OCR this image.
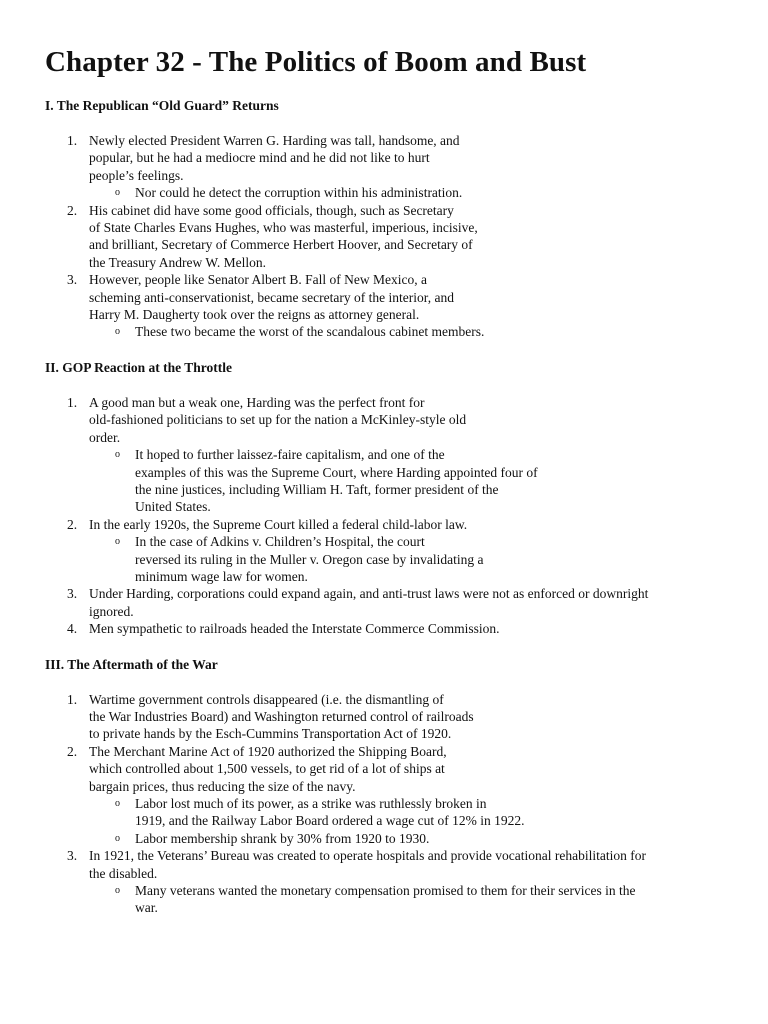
Chapter 32 - The Politics of Boom and Bust
I. The Republican “Old Guard” Returns
1. Newly elected President Warren G. Harding was tall, handsome, and
popular, but he had a mediocre mind and he did not like to hurt
people’s feelings.
o Nor could he detect the corruption within his administration.
2. His cabinet did have some good officials, though, such as Secretary
of State Charles Evans Hughes, who was masterful, imperious, incisive,
and brilliant, Secretary of Commerce Herbert Hoover, and Secretary of
the Treasury Andrew W. Mellon.
3. However, people like Senator Albert B. Fall of New Mexico, a
scheming anti-conservationist, became secretary of the interior, and
Harry M. Daugherty took over the reigns as attorney general.
o These two became the worst of the scandalous cabinet members.
II. GOP Reaction at the Throttle
1. A good man but a weak one, Harding was the perfect front for
old-fashioned politicians to set up for the nation a McKinley-style old
order.
o It hoped to further laissez-faire capitalism, and one of the
examples of this was the Supreme Court, where Harding appointed four of
the nine justices, including William H. Taft, former president of the
United States.
2. In the early 1920s, the Supreme Court killed a federal child-labor law.
o In the case of Adkins v. Children’s Hospital, the court
reversed its ruling in the Muller v. Oregon case by invalidating a
minimum wage law for women.
3. Under Harding, corporations could expand again, and anti-trust laws were not as enforced or downright
ignored.
4. Men sympathetic to railroads headed the Interstate Commerce Commission.
III. The Aftermath of the War
1. Wartime government controls disappeared (i.e. the dismantling of
the War Industries Board) and Washington returned control of railroads
to private hands by the Esch-Cummins Transportation Act of 1920.
2. The Merchant Marine Act of 1920 authorized the Shipping Board,
which controlled about 1,500 vessels, to get rid of a lot of ships at
bargain prices, thus reducing the size of the navy.
o Labor lost much of its power, as a strike was ruthlessly broken in
1919, and the Railway Labor Board ordered a wage cut of 12% in 1922.
o Labor membership shrank by 30% from 1920 to 1930.
3. In 1921, the Veterans’ Bureau was created to operate hospitals and provide vocational rehabilitation for
the disabled.
o Many veterans wanted the monetary compensation promised to them for their services in the
war.
